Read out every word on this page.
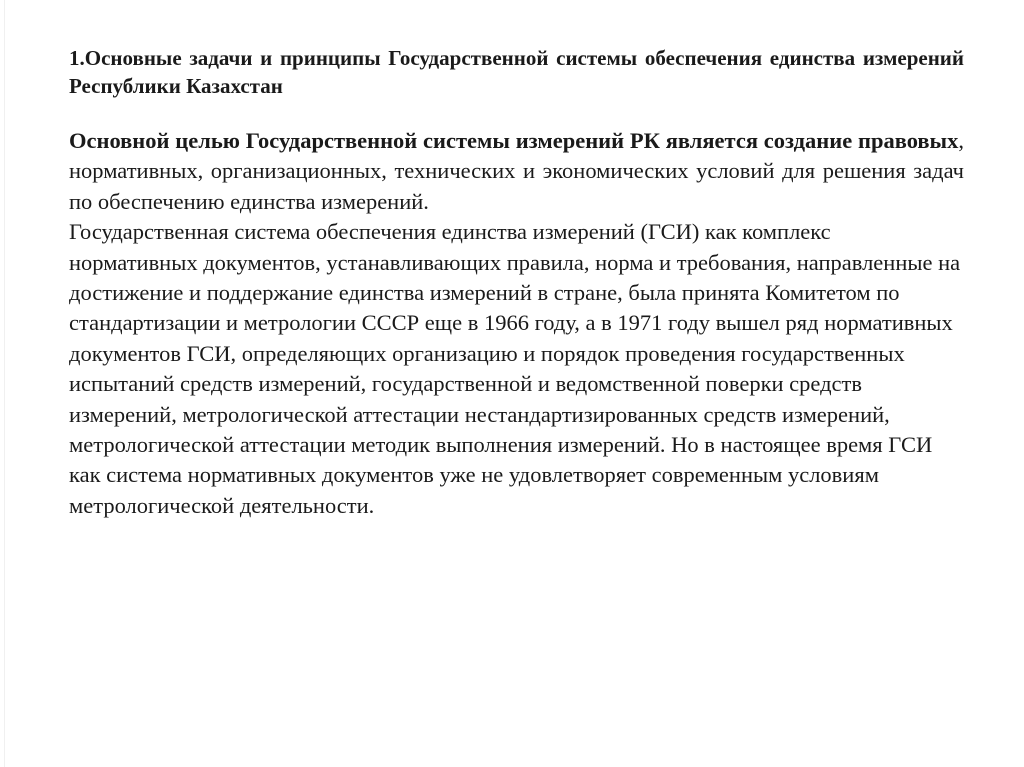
1.Основные задачи и принципы Государственной системы обеспечения единства измерений Республики Казахстан

Основной целью Государственной системы измерений РК является создание правовых, нормативных, организационных, технических и экономических условий для решения задач по обеспечению единства измерений.

Государственная система обеспечения единства измерений (ГСИ) как комплекс нормативных документов, устанавливающих правила, норма и требования, направленные на достижение и поддержание единства измерений в стране, была принята Комитетом по стандартизации и метрологии СССР еще в 1966 году, а в 1971 году вышел ряд нормативных документов ГСИ, определяющих организацию и порядок проведения государственных испытаний средств измерений, государственной и ведомственной поверки средств измерений, метрологической аттестации нестандартизированных средств измерений, метрологической аттестации методик выполнения измерений. Но в настоящее время ГСИ как система нормативных документов уже не удовлетворяет современным условиям метрологической деятельности.
